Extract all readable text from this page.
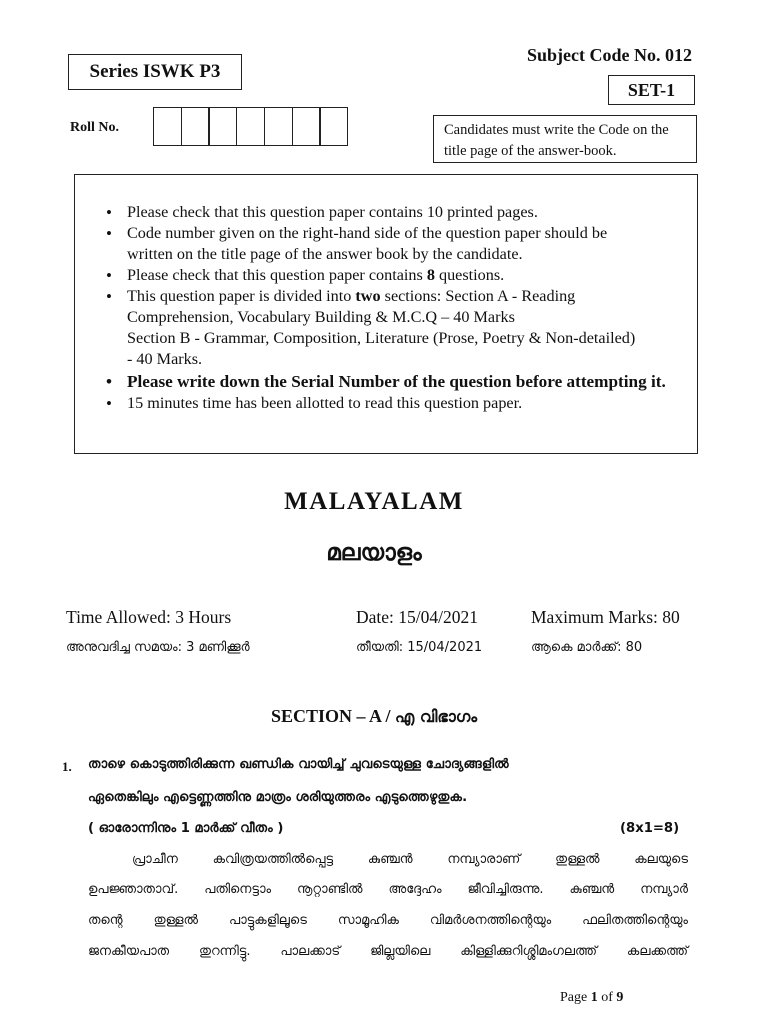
Series ISWK P3
Subject Code No. 012
SET-1
Roll No.	Candidates must write the Code on the
title page of the answer-book.
• Please check that this question paper contains 10 printed pages.
• Code number given on the right-hand side of the question paper should be
written on the title page of the answer book by the candidate.
• Please check that this question paper contains 8 questions.
• This question paper is divided into two sections: Section A - Reading
Comprehension, Vocabulary Building & M.C.Q – 40 Marks
Section B - Grammar, Composition, Literature (Prose, Poetry & Non-detailed)
- 40 Marks.
• Please write down the Serial Number of the question before attempting it.
• 15 minutes time has been allotted to read this question paper.
MALAYALAM
മലയാളം
Time Allowed: 3 Hours	Date: 15/04/2021	Maximum Marks: 80
അനുവദിച്ച സമയം: 3 മണിക്കൂർ	തീയതി: 15/04/2021	ആകെ മാർക്ക്: 80
SECTION – A / എ വിഭാഗം
1. താഴെ കൊടുത്തിരിക്കുന്ന ഖണ്ഡിക വായിച്ച് ചുവടെയുള്ള ചോദ്യങ്ങളിൽ
ഏതെങ്കിലും എട്ടെണ്ണത്തിനു മാത്രം ശരിയുത്തരം എടുത്തെഴുതുക.
( ഓരോന്നിനും 1 മാർക്ക് വീതം )	(8x1=8)
പ്രാചീന കവിത്രയത്തിൽപ്പെട്ട കുഞ്ചൻ നമ്പ്യാരാണ് തുള്ളൽ കലയുടെ
ഉപജ്ഞാതാവ്. പതിനെട്ടാം നൂറ്റാണ്ടിൽ അദ്ദേഹം ജീവിച്ചിരുന്നു. കുഞ്ചൻ നമ്പ്യാർ
തന്റെ തുള്ളൽ പാട്ടുകളിലൂടെ സാമൂഹിക വിമർശനത്തിന്റെയും ഫലിതത്തിന്റെയും
ജനകീയപാത തുറന്നിട്ടു. പാലക്കാട് ജില്ലയിലെ കിള്ളിക്കുറിശ്ശിമംഗലത്ത് കലക്കത്ത്
Page 1 of 9
